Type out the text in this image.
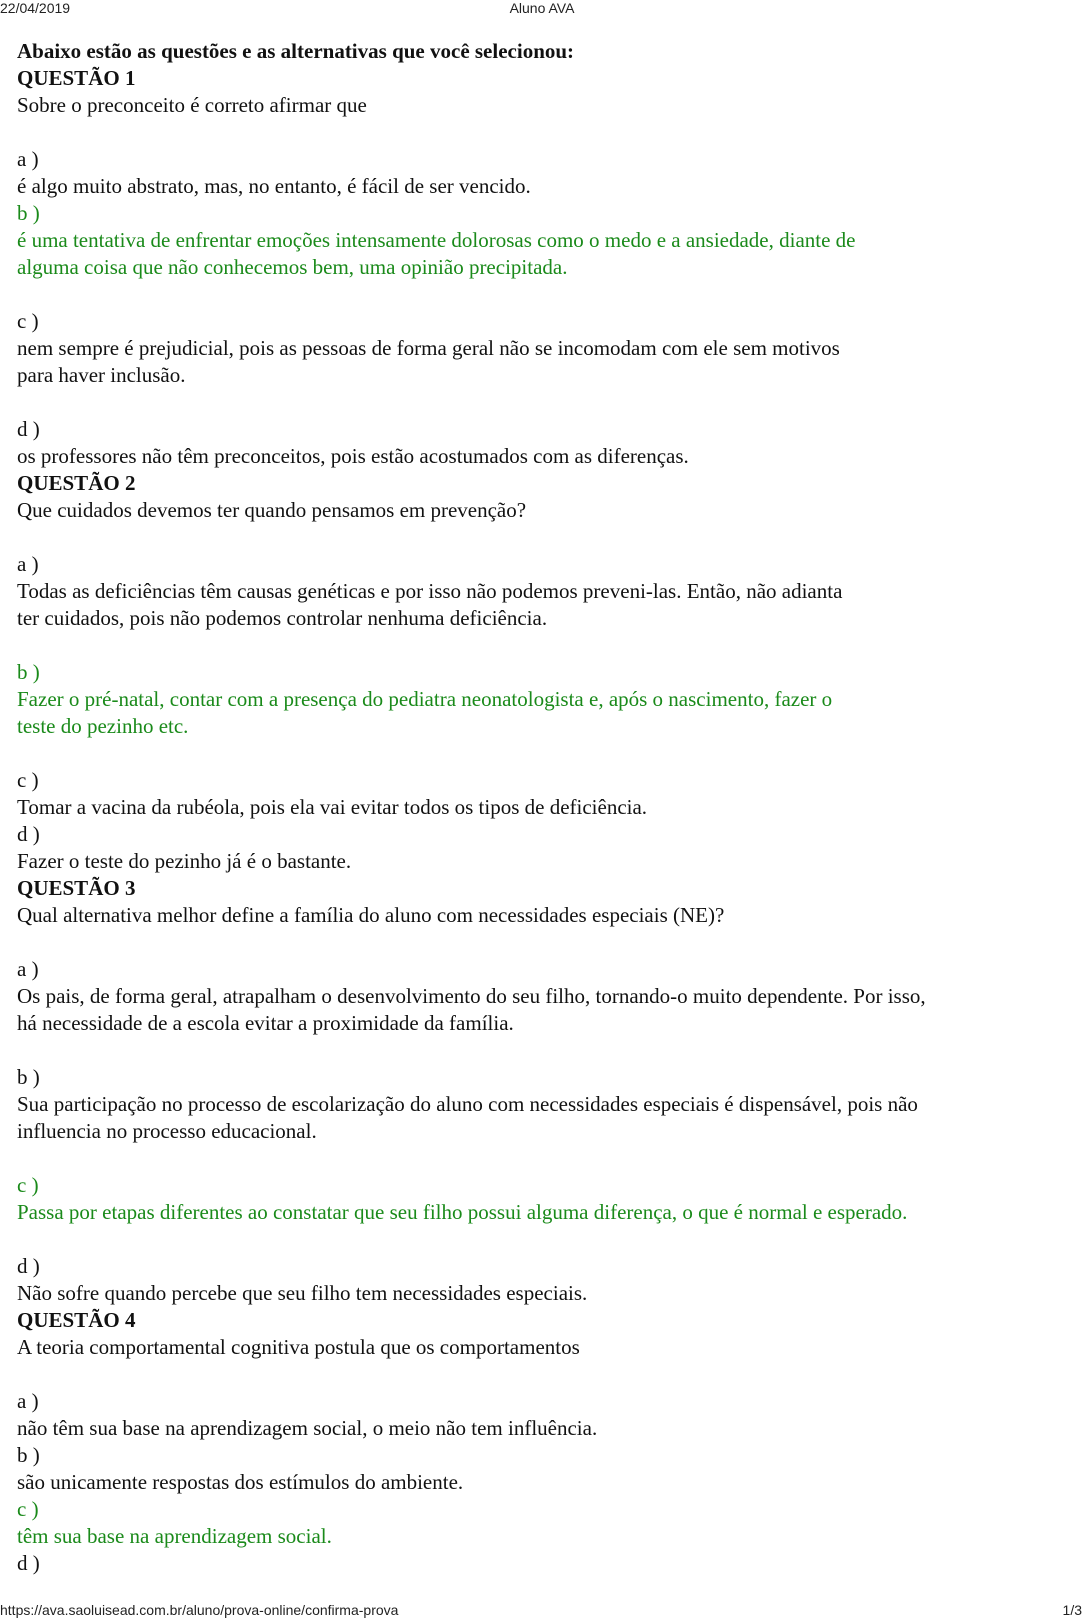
22/04/2019	Aluno AVA
Abaixo estão as questões e as alternativas que você selecionou:
QUESTÃO 1
Sobre o preconceito é correto afirmar que
a )
é algo muito abstrato, mas, no entanto, é fácil de ser vencido.
b )
é uma tentativa de enfrentar emoções intensamente dolorosas como o medo e a ansiedade, diante de
alguma coisa que não conhecemos bem, uma opinião precipitada.
c )
nem sempre é prejudicial, pois as pessoas de forma geral não se incomodam com ele sem motivos
para haver inclusão.
d )
os professores não têm preconceitos, pois estão acostumados com as diferenças.
QUESTÃO 2
Que cuidados devemos ter quando pensamos em prevenção?
a )
Todas as deficiências têm causas genéticas e por isso não podemos preveni-las. Então, não adianta
ter cuidados, pois não podemos controlar nenhuma deficiência.
b )
Fazer o pré-natal, contar com a presença do pediatra neonatologista e, após o nascimento, fazer o
teste do pezinho etc.
c )
Tomar a vacina da rubéola, pois ela vai evitar todos os tipos de deficiência.
d )
Fazer o teste do pezinho já é o bastante.
QUESTÃO 3
Qual alternativa melhor define a família do aluno com necessidades especiais (NE)?
a )
Os pais, de forma geral, atrapalham o desenvolvimento do seu filho, tornando-o muito dependente. Por isso,
há necessidade de a escola evitar a proximidade da família.
b )
Sua participação no processo de escolarização do aluno com necessidades especiais é dispensável, pois não
influencia no processo educacional.
c )
Passa por etapas diferentes ao constatar que seu filho possui alguma diferença, o que é normal e esperado.
d )
Não sofre quando percebe que seu filho tem necessidades especiais.
QUESTÃO 4
A teoria comportamental cognitiva postula que os comportamentos
a )
não têm sua base na aprendizagem social, o meio não tem influência.
b )
são unicamente respostas dos estímulos do ambiente.
c )
têm sua base na aprendizagem social.
d )
https://ava.saoluisead.com.br/aluno/prova-online/confirma-prova	1/3
